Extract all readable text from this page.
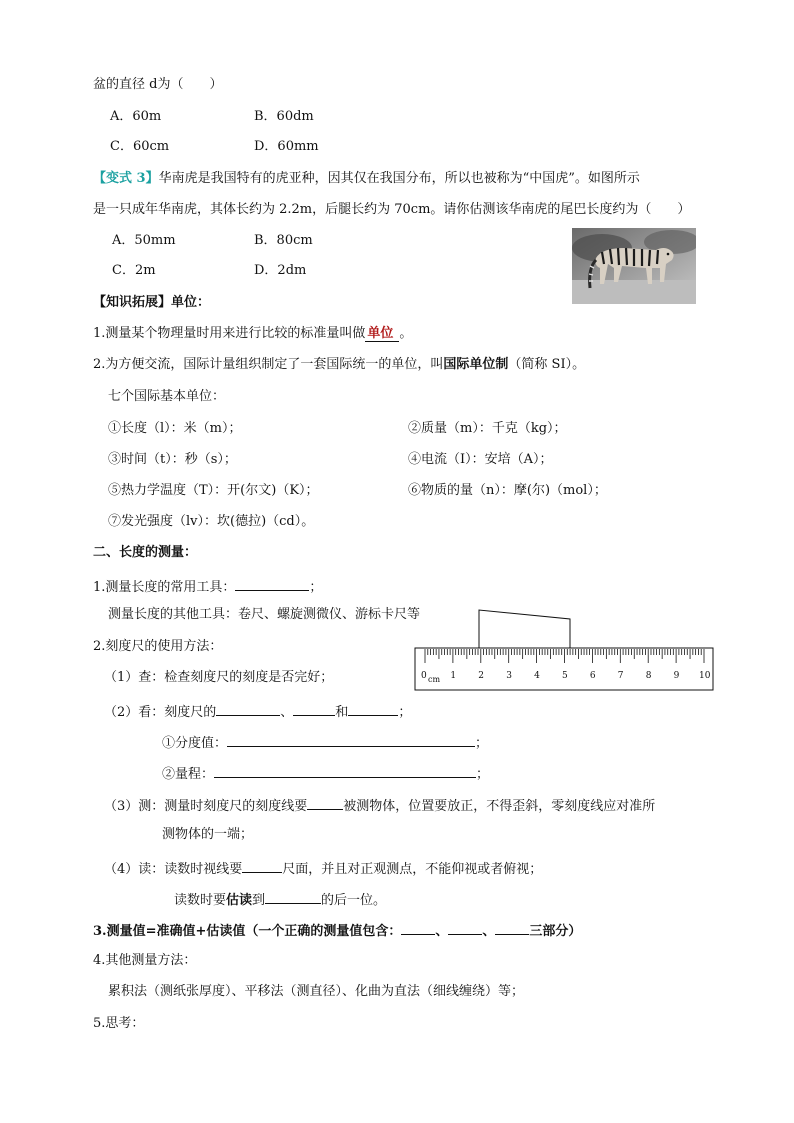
盆的直径 d为（　　）
A．60m	B．60dm
C．60cm	D．60mm
【变式 3】华南虎是我国特有的虎亚种，因其仅在我国分布，所以也被称为“中国虎”。如图所示
是一只成年华南虎，其体长约为 2.2m，后腿长约为 70cm。请你估测该华南虎的尾巴长度约为（　　）
A．50mm	B．80cm
C．2m	D．2dm
【知识拓展】单位：
1.测量某个物理量时用来进行比较的标准量叫做 单位 。
2.为方便交流，国际计量组织制定了一套国际统一的单位，叫国际单位制（简称 SI）。
七个国际基本单位：
①长度（l）：米（m）；	②质量（m）：千克（kg）；
③时间（t）：秒（s）；	④电流（I）：安培（A）；
⑤热力学温度（T）：开(尔文)（K）；	⑥物质的量（n）：摩(尔)（mol）；
⑦发光强度（lv）：坎(德拉)（cd）。
二、长度的测量：
1.测量长度的常用工具：	；
测量长度的其他工具：卷尺、螺旋测微仪、游标卡尺等
2.刻度尺的使用方法：
（1）查：检查刻度尺的刻度是否完好；
（2）看：刻度尺的	、	和	；
①分度值：	；
②量程：	；
（3）测：测量时刻度尺的刻度线要	被测物体，位置要放正，不得歪斜，零刻度线应对准所
测物体的一端；
（4）读：读数时视线要	尺面，并且对正观测点，不能仰视或者俯视；
读数时要估读到	的后一位。
3.测量值=准确值+估读值（一个正确的测量值包含：	、	、	三部分）
4.其他测量方法：
累积法（测纸张厚度）、平移法（测直径）、化曲为直法（细线缠绕）等；
5.思考：
0	1 2 3 4 5 6 7 8 9 10
cm
